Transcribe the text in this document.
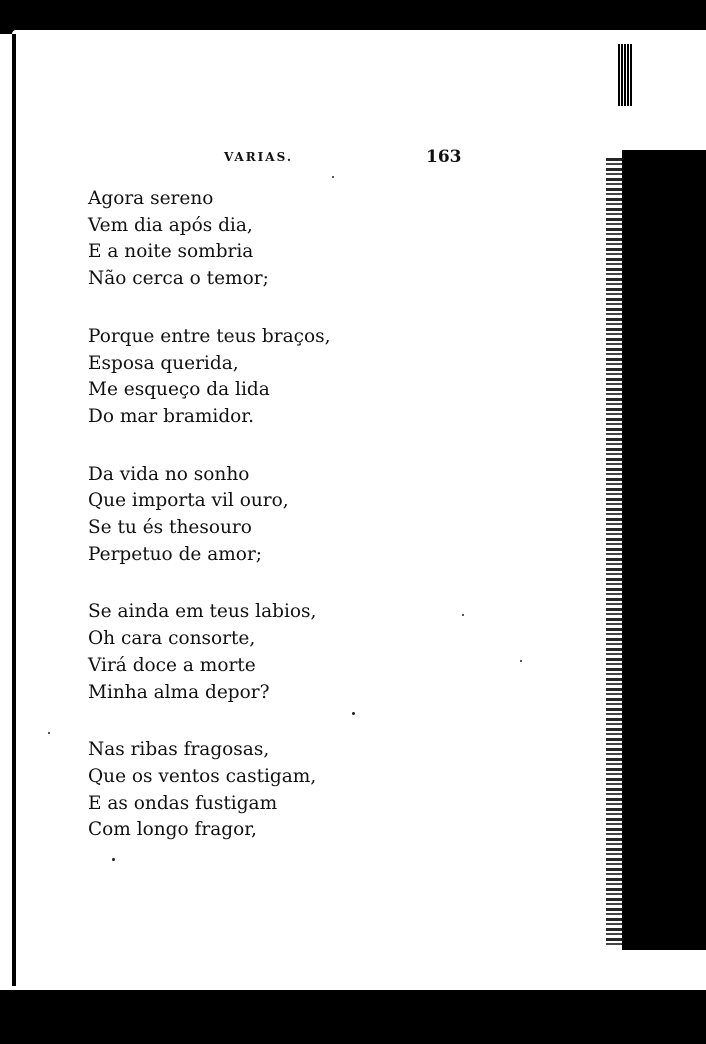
VARIAS.	163
Agora sereno
Vem dia após dia,
E a noite sombria
Não cerca o temor;
Porque entre teus braços,
Esposa querida,
Me esqueço da lida
Do mar bramidor.
Da vida no sonho
Que importa vil ouro,
Se tu és thesouro
Perpetuo de amor;
Se ainda em teus labios,
Oh cara consorte,
Virá doce a morte
Minha alma depor?
Nas ribas fragosas,
Que os ventos castigam,
E as ondas fustigam
Com longo fragor,
